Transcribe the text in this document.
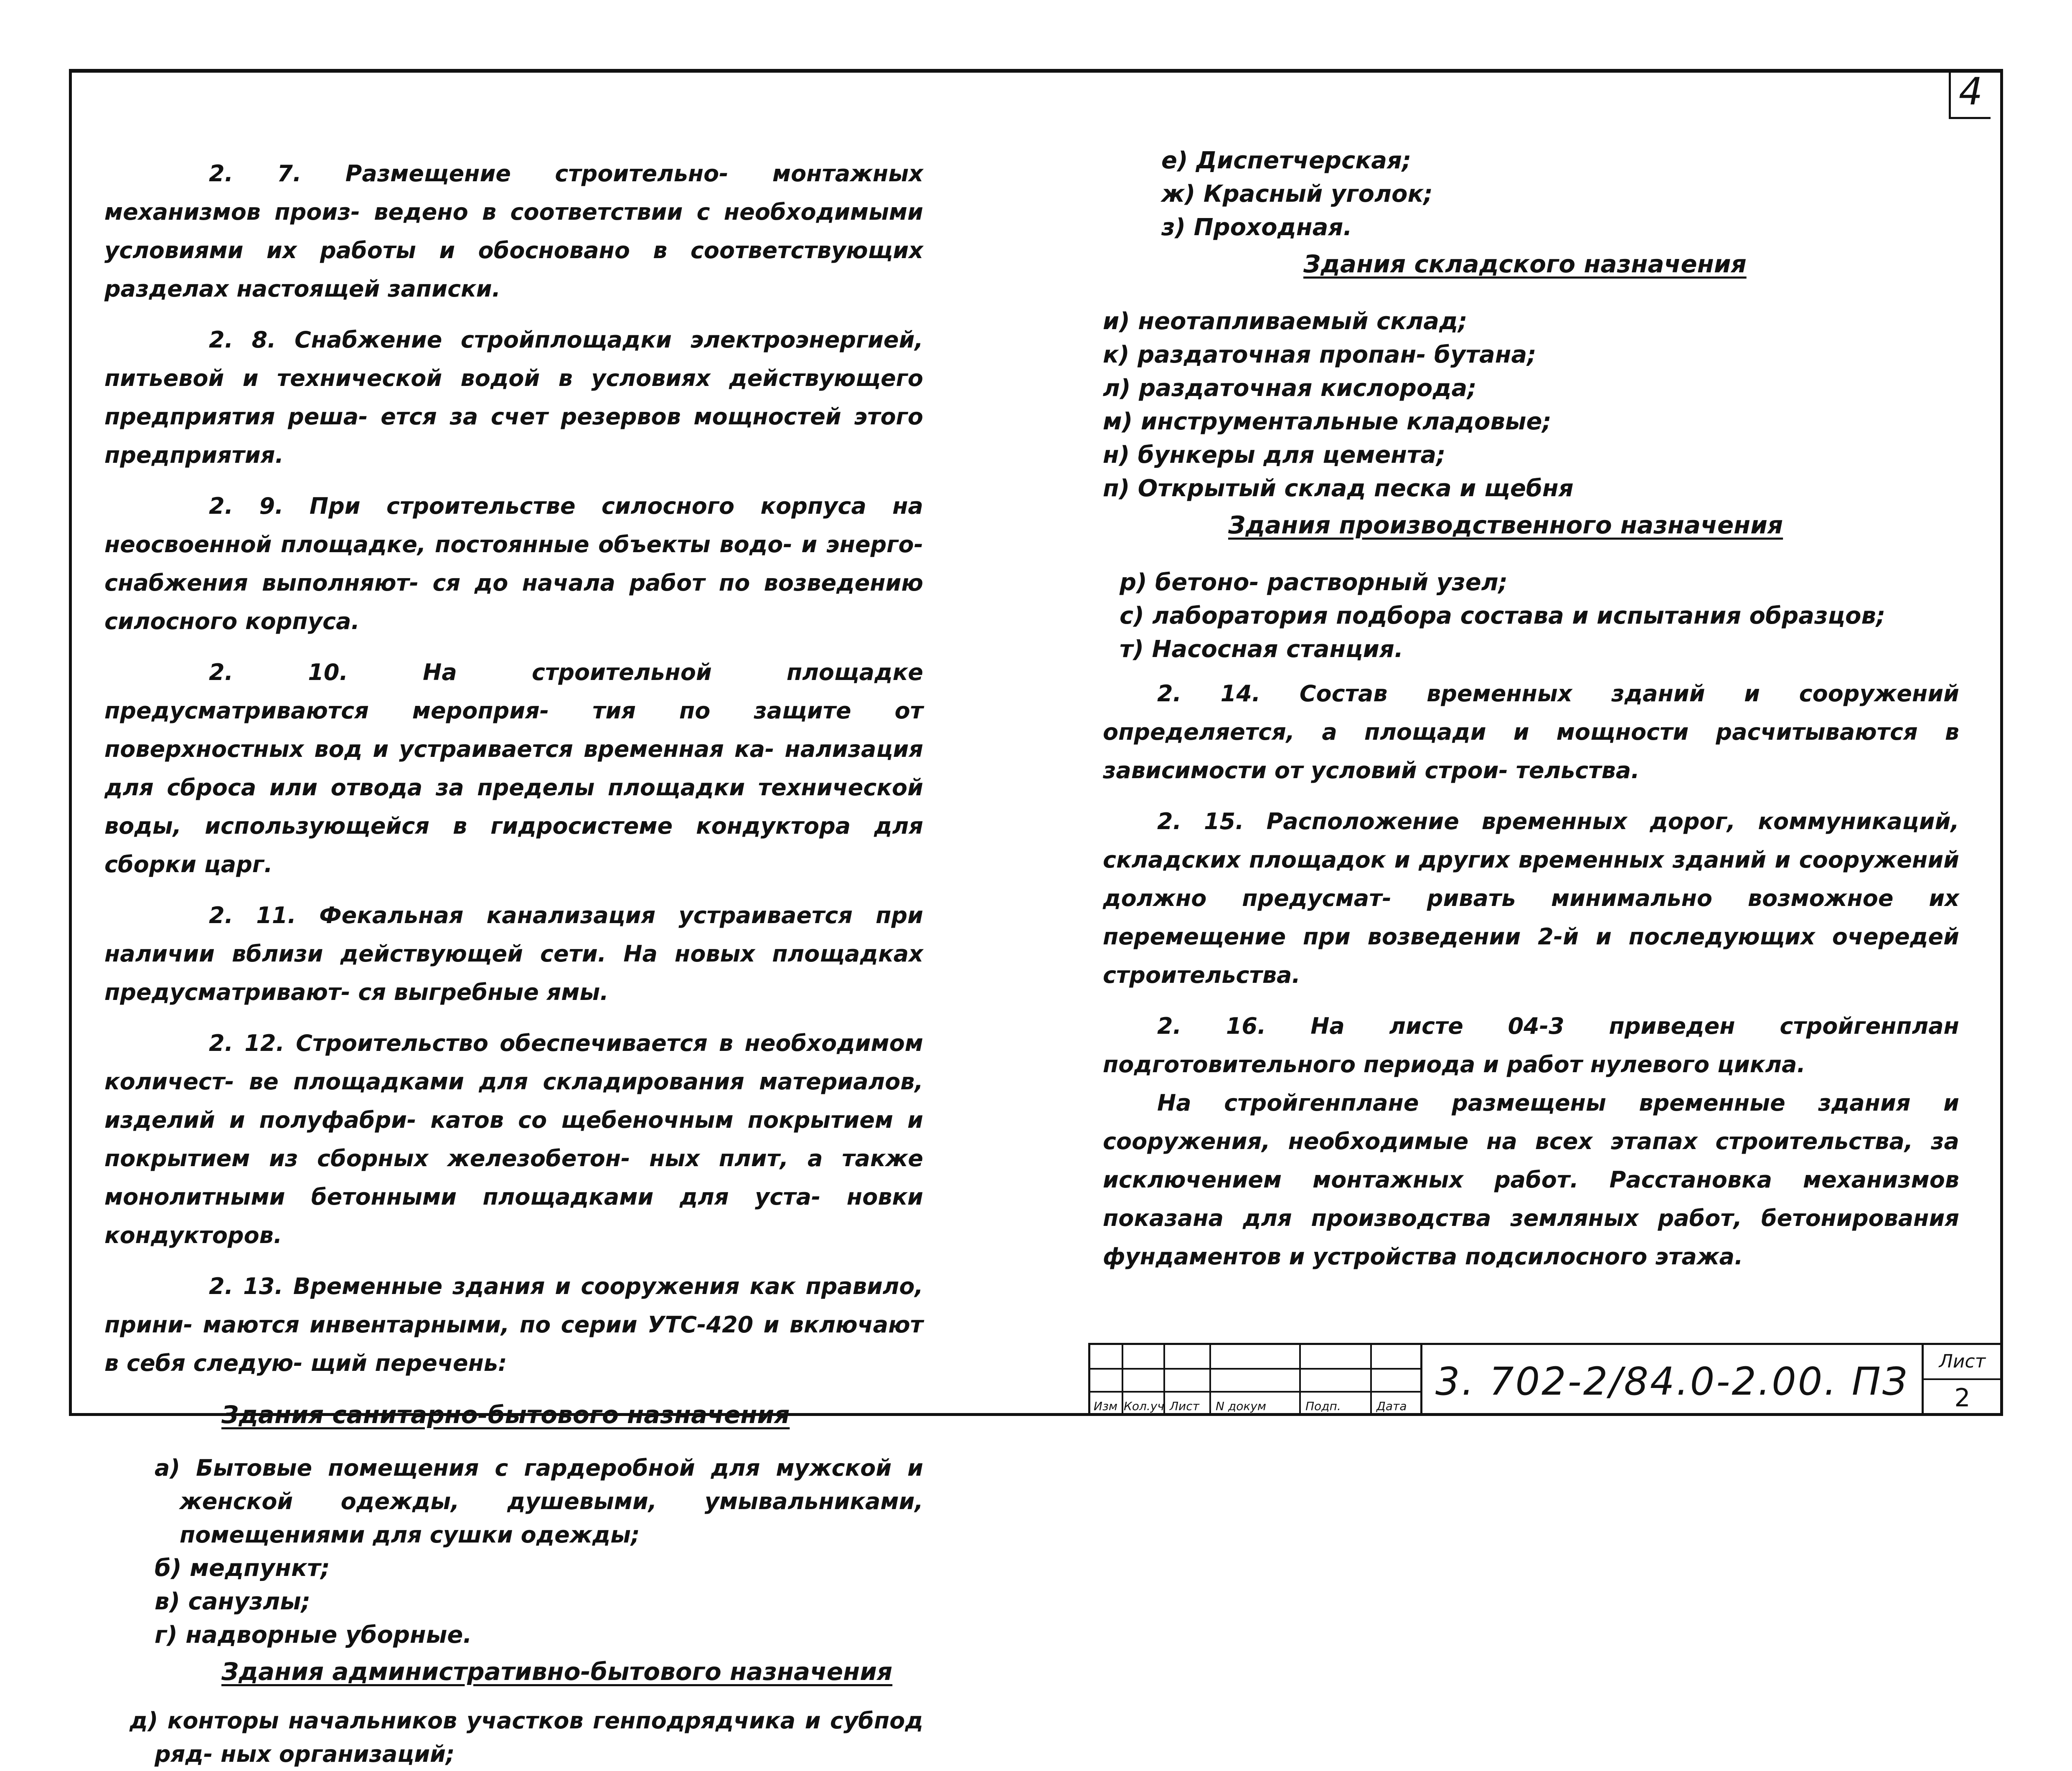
4

2. 7. Размещение строительно- монтажных механизмов произ- ведено в соответствии с необходимыми условиями их работы и обосновано в соответствующих разделах настоящей записки.

2. 8. Снабжение стройплощадки электроэнергией, питьевой и технической водой в условиях действующего предприятия реша- ется за счет резервов мощностей этого предприятия.

2. 9. При строительстве силосного корпуса на неосвоенной площадке, постоянные объекты водо- и энерго- снабжения выполняют- ся до начала работ по возведению силосного корпуса.

2. 10. На строительной площадке предусматриваются мероприя- тия по защите от поверхностных вод и устраивается временная ка- нализация для сброса или отвода за пределы площадки технической воды, использующейся в гидросистеме кондуктора для сборки царг.

2. 11. Фекальная канализация устраивается при наличии вблизи действующей сети. На новых площадках предусматривают- ся выгребные ямы.

2. 12. Строительство обеспечивается в необходимом количест- ве площадками для складирования материалов, изделий и полуфабри- катов со щебеночным покрытием и покрытием из сборных железобетон- ных плит, а также монолитными бетонными площадками для уста- новки кондукторов.

2. 13. Временные здания и сооружения как правило, прини- маются инвентарными, по серии УТС-420 и включают в себя следую- щий перечень:

Здания санитарно-бытового назначения

а) Бытовые помещения с гардеробной для мужской и женской одежды, душевыми, умывальниками, помещениями для сушки одежды;

б) медпункт;

в) санузлы;

г) надворные уборные.

Здания административно-бытового назначения

д) конторы начальников участков генподрядчика и субпод ряд- ных организаций;

е) Диспетчерская;

ж) Красный уголок;

з) Проходная.

Здания складского назначения

и) неотапливаемый склад;

к) раздаточная пропан- бутана;

л) раздаточная кислорода;

м) инструментальные кладовые;

н) бункеры для цемента;

п) Открытый склад песка и щебня

Здания производственного назначения

р) бетоно- растворный узел;

с) лаборатория подбора состава и испытания образцов;

т) Насосная станция.

2. 14. Состав временных зданий и сооружений определяется, а площади и мощности расчитываются в зависимости от условий строи- тельства.

2. 15. Расположение временных дорог, коммуникаций, складских площадок и других временных зданий и сооружений должно предусмат- ривать минимально возможное их перемещение при возведении 2-й и последующих очередей строительства.

2. 16. На листе 04-3 приведен стройгенплан подготовительного периода и работ нулевого цикла.

На стройгенплане размещены временные здания и сооружения, необходимые на всех этапах строительства, за исключением монтажных работ. Расстановка механизмов показана для производства земляных работ, бетонирования фундаментов и устройства подсилосного этажа.

Изм Кол.уч Лист N докум	Подп.	Дата
3. 702-2/84.0-2.00. ПЗ	Лист
2
